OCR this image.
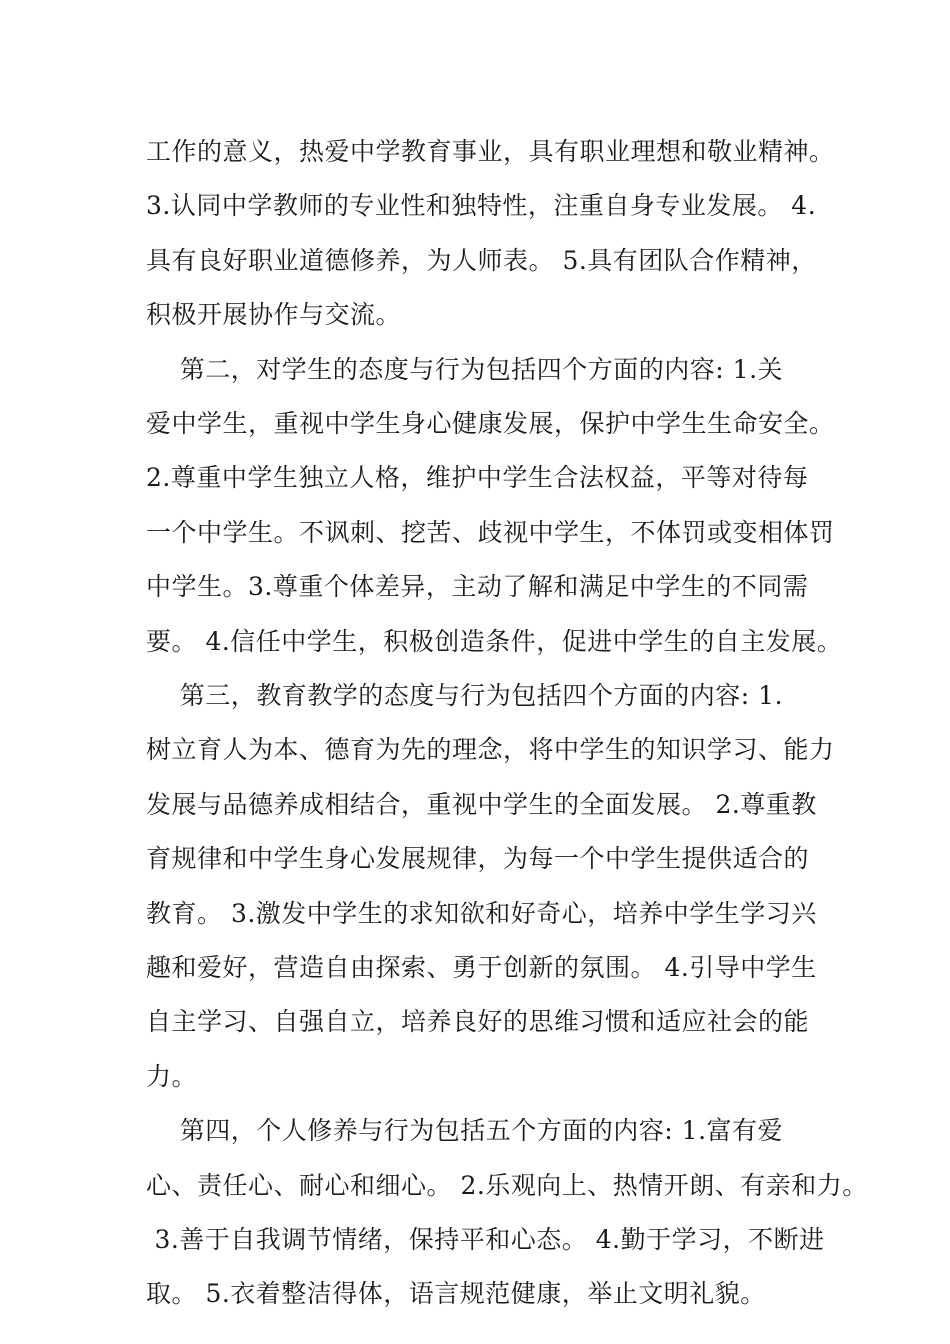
工作的意义，热爱中学教育事业，具有职业理想和敬业精神。
3.认同中学教师的专业性和独特性，注重自身专业发展。 4.
具有良好职业道德修养，为人师表。 5.具有团队合作精神，
积极开展协作与交流。
第二，对学生的态度与行为包括四个方面的内容: 1.关
爱中学生，重视中学生身心健康发展，保护中学生生命安全。
2.尊重中学生独立人格，维护中学生合法权益，平等对待每
一个中学生。不讽刺、挖苦、歧视中学生，不体罚或变相体罚
中学生。3.尊重个体差异，主动了解和满足中学生的不同需
要。 4.信任中学生，积极创造条件，促进中学生的自主发展。
第三，教育教学的态度与行为包括四个方面的内容: 1.
树立育人为本、德育为先的理念，将中学生的知识学习、能力
发展与品德养成相结合，重视中学生的全面发展。 2.尊重教
育规律和中学生身心发展规律，为每一个中学生提供适合的
教育。 3.激发中学生的求知欲和好奇心，培养中学生学习兴
趣和爱好，营造自由探索、勇于创新的氛围。 4.引导中学生
自主学习、自强自立，培养良好的思维习惯和适应社会的能
力。
第四，个人修养与行为包括五个方面的内容: 1.富有爱
心、责任心、耐心和细心。 2.乐观向上、热情开朗、有亲和力。
3.善于自我调节情绪，保持平和心态。 4.勤于学习，不断进
取。 5.衣着整洁得体，语言规范健康，举止文明礼貌。
